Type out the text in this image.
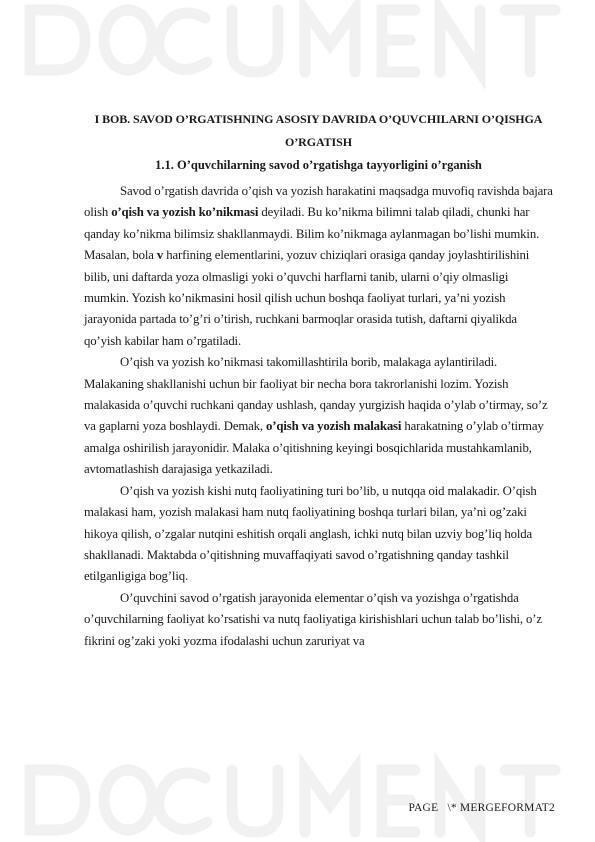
I BOB. SAVOD O’RGATISHNING ASOSIY DAVRIDA O’QUVCHILARNI O’QISHGA O’RGATISH

1.1. O’quvchilarning savod o’rgatishga tayyorligini o’rganish

Savod o’rgatish davrida o’qish va yozish harakatini maqsadga muvofiq ravishda bajara olish o’qish va yozish ko’nikmasi deyiladi. Bu ko’nikma bilimni talab qiladi, chunki har qanday ko’nikma bilimsiz shakllanmaydi. Bilim ko’nikmaga aylanmagan bo’lishi mumkin. Masalan, bola v harfining elementlarini, yozuv chiziqlari orasiga qanday joylashtirilishini bilib, uni daftarda yoza olmasligi yoki o’quvchi harflarni tanib, ularni o’qiy olmasligi mumkin. Yozish ko’nikmasini hosil qilish uchun boshqa faoliyat turlari, ya’ni yozish jarayonida partada to’g’ri o’tirish, ruchkani barmoqlar orasida tutish, daftarni qiyalikda qo’yish kabilar ham o’rgatiladi.

O’qish va yozish ko’nikmasi takomillashtirila borib, malakaga aylantiriladi. Malakaning shakllanishi uchun bir faoliyat bir necha bora takrorlanishi lozim. Yozish malakasida o’quvchi ruchkani qanday ushlash, qanday yurgizish haqida o’ylab o’tirmay, so’z va gaplarni yoza boshlaydi. Demak, o’qish va yozish malakasi harakatning o’ylab o’tirmay amalga oshirilish jarayonidir. Malaka o’qitishning keyingi bosqichlarida mustahkamlanib, avtomatlashish darajasiga yetkaziladi.

O’qish va yozish kishi nutq faoliyatining turi bo’lib, u nutqqa oid malakadir. O’qish malakasi ham, yozish malakasi ham nutq faoliyatining boshqa turlari bilan, ya’ni og’zaki hikoya qilish, o’zgalar nutqini eshitish orqali anglash, ichki nutq bilan uzviy bog’liq holda shakllanadi. Maktabda o’qitishning muvaffaqiyati savod o’rgatishning qanday tashkil etilganligiga bog’liq.

O’quvchini savod o’rgatish jarayonida elementar o’qish va yozishga o’rgatishda o’quvchilarning faoliyat ko’rsatishi va nutq faoliyatiga kirishishlari uchun talab bo’lishi, o’z fikrini og’zaki yoki yozma ifodalashi uchun zaruriyat va

PAGE   \* MERGEFORMAT2
